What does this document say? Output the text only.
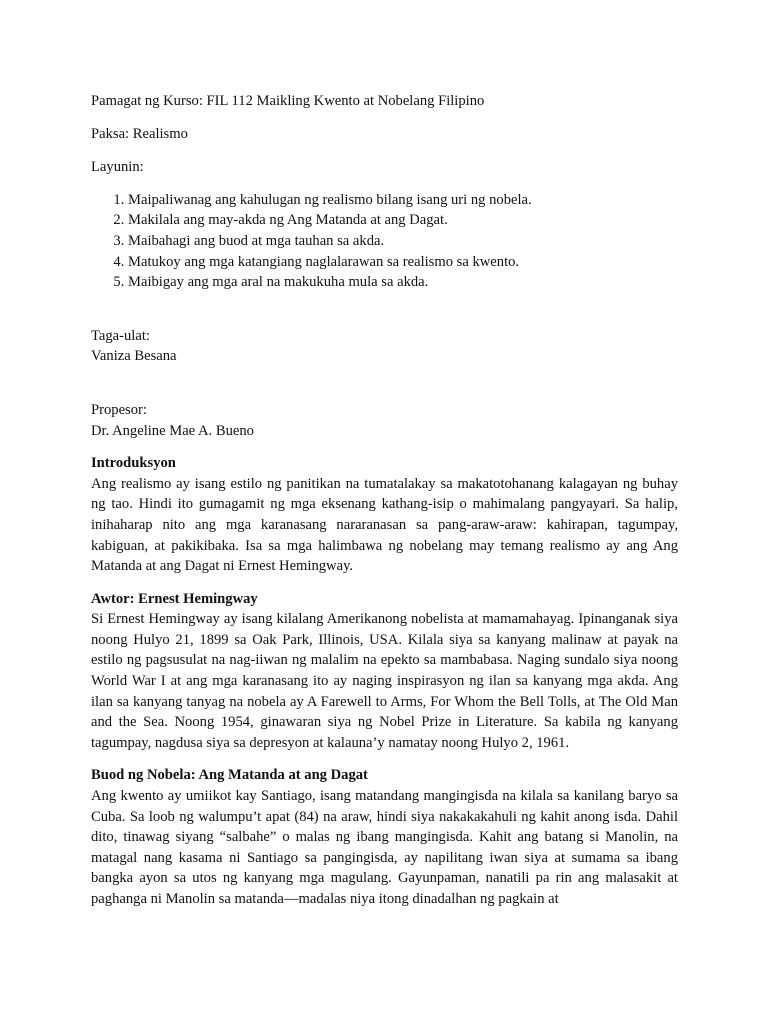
Pamagat ng Kurso: FIL 112 Maikling Kwento at Nobelang Filipino

Paksa: Realismo

Layunin:

1. Maipaliwanag ang kahulugan ng realismo bilang isang uri ng nobela.
2. Makilala ang may-akda ng Ang Matanda at ang Dagat.
3. Maibahagi ang buod at mga tauhan sa akda.
4. Matukoy ang mga katangiang naglalarawan sa realismo sa kwento.
5. Maibigay ang mga aral na makukuha mula sa akda.

Taga-ulat:

Vaniza Besana

Propesor:

Dr. Angeline Mae A. Bueno

Introduksyon

Ang realismo ay isang estilo ng panitikan na tumatalakay sa makatotohanang kalagayan ng buhay ng tao. Hindi ito gumagamit ng mga eksenang kathang-isip o mahimalang pangyayari. Sa halip, inihaharap nito ang mga karanasang nararanasan sa pang-araw-araw: kahirapan, tagumpay, kabiguan, at pakikibaka. Isa sa mga halimbawa ng nobelang may temang realismo ay ang Ang Matanda at ang Dagat ni Ernest Hemingway.

Awtor: Ernest Hemingway

Si Ernest Hemingway ay isang kilalang Amerikanong nobelista at mamamahayag. Ipinanganak siya noong Hulyo 21, 1899 sa Oak Park, Illinois, USA. Kilala siya sa kanyang malinaw at payak na estilo ng pagsusulat na nag-iiwan ng malalim na epekto sa mambabasa. Naging sundalo siya noong World War I at ang mga karanasang ito ay naging inspirasyon ng ilan sa kanyang mga akda. Ang ilan sa kanyang tanyag na nobela ay A Farewell to Arms, For Whom the Bell Tolls, at The Old Man and the Sea. Noong 1954, ginawaran siya ng Nobel Prize in Literature. Sa kabila ng kanyang tagumpay, nagdusa siya sa depresyon at kalauna’y namatay noong Hulyo 2, 1961.

Buod ng Nobela: Ang Matanda at ang Dagat

Ang kwento ay umiikot kay Santiago, isang matandang mangingisda na kilala sa kanilang baryo sa Cuba. Sa loob ng walumpu’t apat (84) na araw, hindi siya nakakakahuli ng kahit anong isda. Dahil dito, tinawag siyang “salbahe” o malas ng ibang mangingisda. Kahit ang batang si Manolin, na matagal nang kasama ni Santiago sa pangingisda, ay napilitang iwan siya at sumama sa ibang bangka ayon sa utos ng kanyang mga magulang. Gayunpaman, nanatili pa rin ang malasakit at paghanga ni Manolin sa matanda—madalas niya itong dinadalhan ng pagkain at
